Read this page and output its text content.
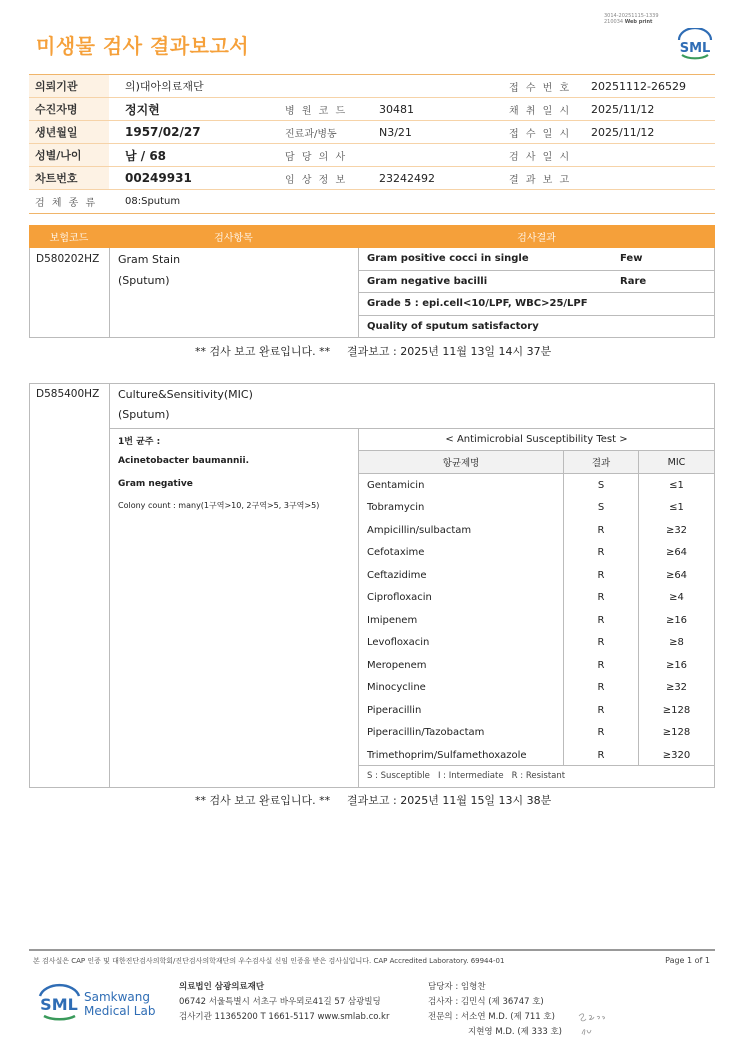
3014-20251115-1339
210034 Web print
미생물 검사 결과보고서	SML
의뢰기관	의)대아의료재단	접 수 번 호	20251112-26529
수진자명	정지현	병 원 코 드	30481	채 취 일 시	2025/11/12
생년월일	1957/02/27	진료과/병동	N3/21	접 수 일 시	2025/11/12
성별/나이	남 / 68	담 당 의 사	검 사 일 시
차트번호	00249931	임 상 정 보	23242492	결 과 보 고
검 체 종 류	08:Sputum
보험코드	검사항목	검사결과
D580202HZ Gram Stain
(Sputum)
Gram positive cocci in single	Few
Gram negative bacilli	Rare
Grade 5 : epi.cell<10/LPF, WBC>25/LPF
Quality of sputum satisfactory
** 검사 보고 완료입니다. ** 결과보고 : 2025년 11월 13일 14시 37분
D585400HZ Culture&Sensitivity(MIC)
(Sputum)
1번 균주 :
Acinetobacter baumannii.
Gram negative
Colony count : many(1구역>10, 2구역>5, 3구역>5)
< Antimicrobial Susceptibility Test >
항균제명	결과	MIC
Gentamicin	S	≤1
Tobramycin	S	≤1
Ampicillin/sulbactam	R	≥32
Cefotaxime	R	≥64
Ceftazidime	R	≥64
Ciprofloxacin	R	≥4
Imipenem	R	≥16
Levofloxacin	R	≥8
Meropenem	R	≥16
Minocycline	R	≥32
Piperacillin	R	≥128
Piperacillin/Tazobactam	R	≥128
Trimethoprim/Sulfamethoxazole	R	≥320
S : Susceptible   I : Intermediate   R : Resistant
** 검사 보고 완료입니다. ** 결과보고 : 2025년 11월 15일 13시 38분
본 검사실은 CAP 인증 및 대한진단검사의학회/진단검사의학재단의 우수검사실 신임 인증을 받은 검사실입니다. CAP Accredited Laboratory. 69944-01	Page 1 of 1
SML Samkwang
Medical Lab
의료법인 삼광의료재단
06742 서울특별시 서초구 바우뫼로41길 57 삼광빌딩
검사기관 11365200 T 1661-5117 www.smlab.co.kr
담당자 : 임형찬
검사자 : 김민식 (제 36747 호)
전문의 : 서소연 M.D. (제 711 호)
지현영 M.D. (제 333 호)
